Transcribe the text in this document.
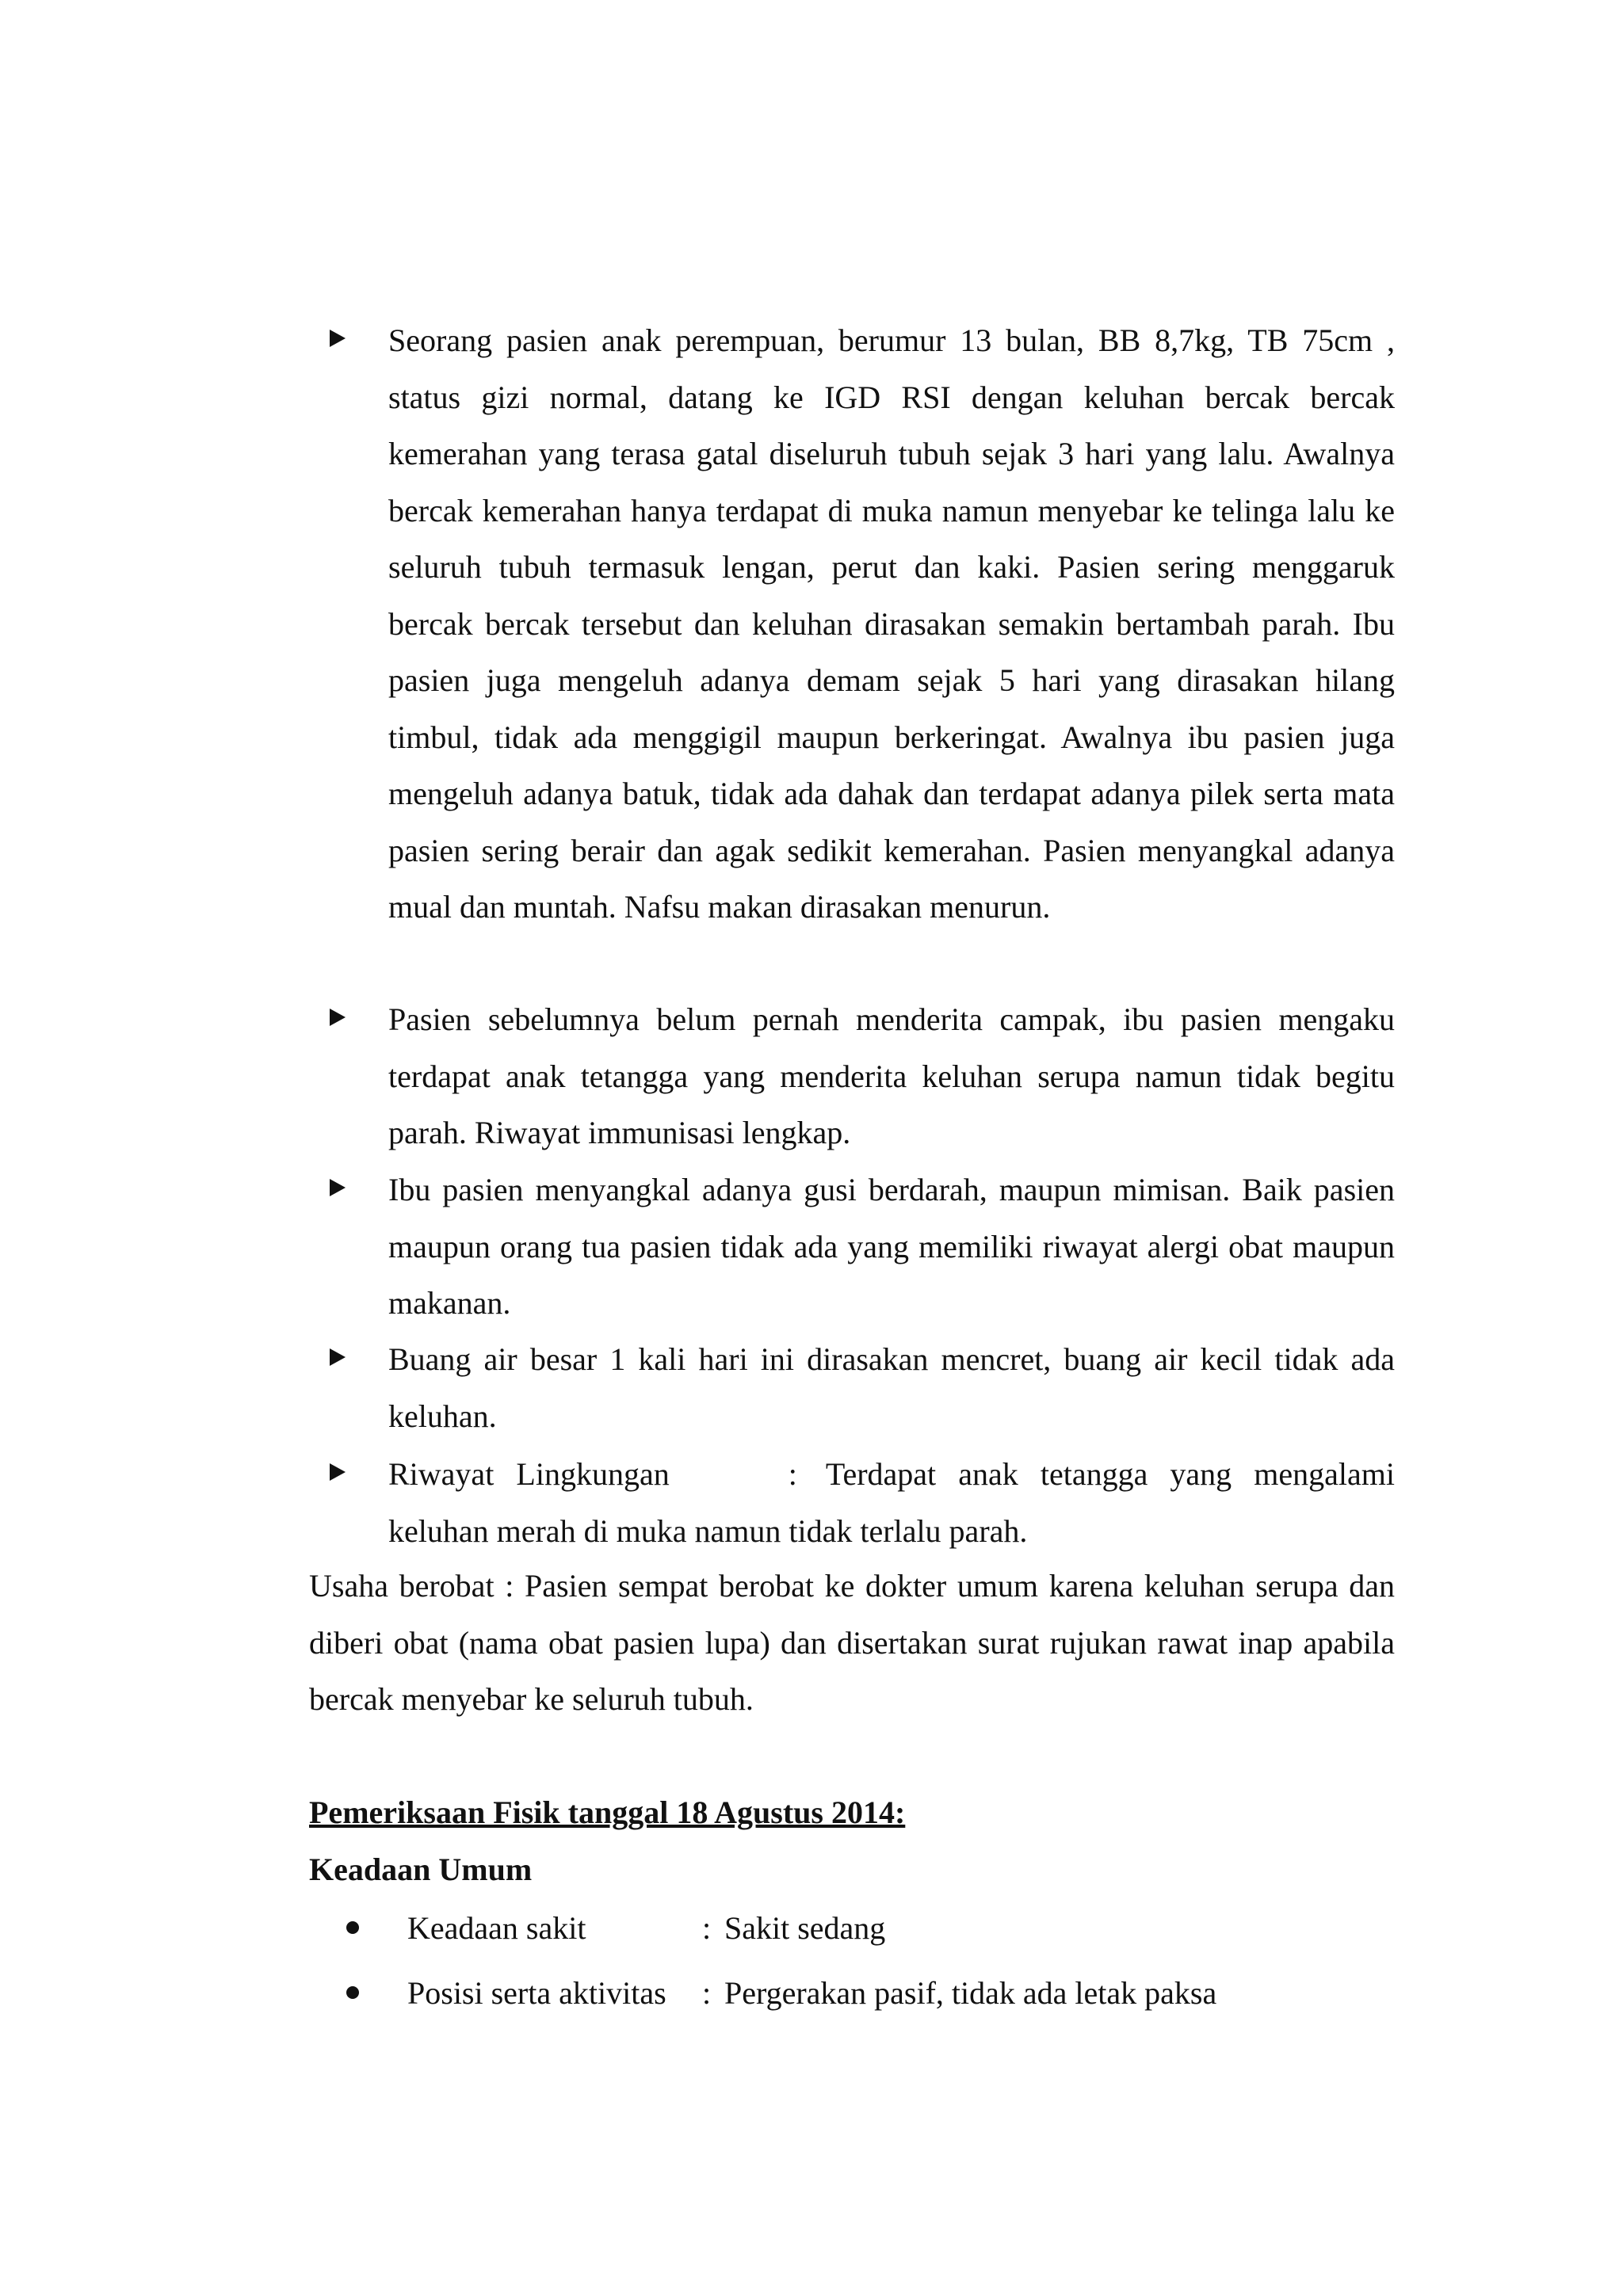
Seorang pasien anak perempuan, berumur 13 bulan, BB 8,7kg, TB 75cm , status gizi normal, datang ke IGD RSI dengan keluhan bercak bercak kemerahan yang terasa gatal diseluruh tubuh sejak 3 hari yang lalu. Awalnya bercak kemerahan hanya terdapat di muka namun menyebar ke telinga lalu ke seluruh tubuh termasuk lengan, perut dan kaki. Pasien sering menggaruk bercak bercak tersebut dan keluhan dirasakan semakin bertambah parah. Ibu pasien juga mengeluh adanya demam sejak 5 hari yang dirasakan hilang timbul, tidak ada menggigil maupun berkeringat. Awalnya ibu pasien juga mengeluh adanya batuk, tidak ada dahak dan terdapat adanya pilek serta mata pasien sering berair dan agak sedikit kemerahan. Pasien menyangkal adanya mual dan muntah. Nafsu makan dirasakan menurun.
Pasien sebelumnya belum pernah menderita campak, ibu pasien mengaku terdapat anak tetangga yang menderita keluhan serupa namun tidak begitu parah. Riwayat immunisasi lengkap.
Ibu pasien menyangkal adanya gusi berdarah, maupun mimisan. Baik pasien maupun orang tua pasien tidak ada yang memiliki riwayat alergi obat maupun makanan.
Buang air besar 1 kali hari ini dirasakan mencret, buang air kecil tidak ada keluhan.
Riwayat Lingkungan	: Terdapat anak tetangga yang mengalami keluhan merah di muka namun tidak terlalu parah.
Usaha berobat : Pasien sempat berobat ke dokter umum karena keluhan serupa dan diberi obat (nama obat pasien lupa) dan disertakan surat rujukan rawat inap apabila bercak menyebar ke seluruh tubuh.
Pemeriksaan Fisik tanggal 18 Agustus 2014:
Keadaan Umum
Keadaan sakit	: Sakit sedang
Posisi serta aktivitas : Pergerakan pasif, tidak ada letak paksa
